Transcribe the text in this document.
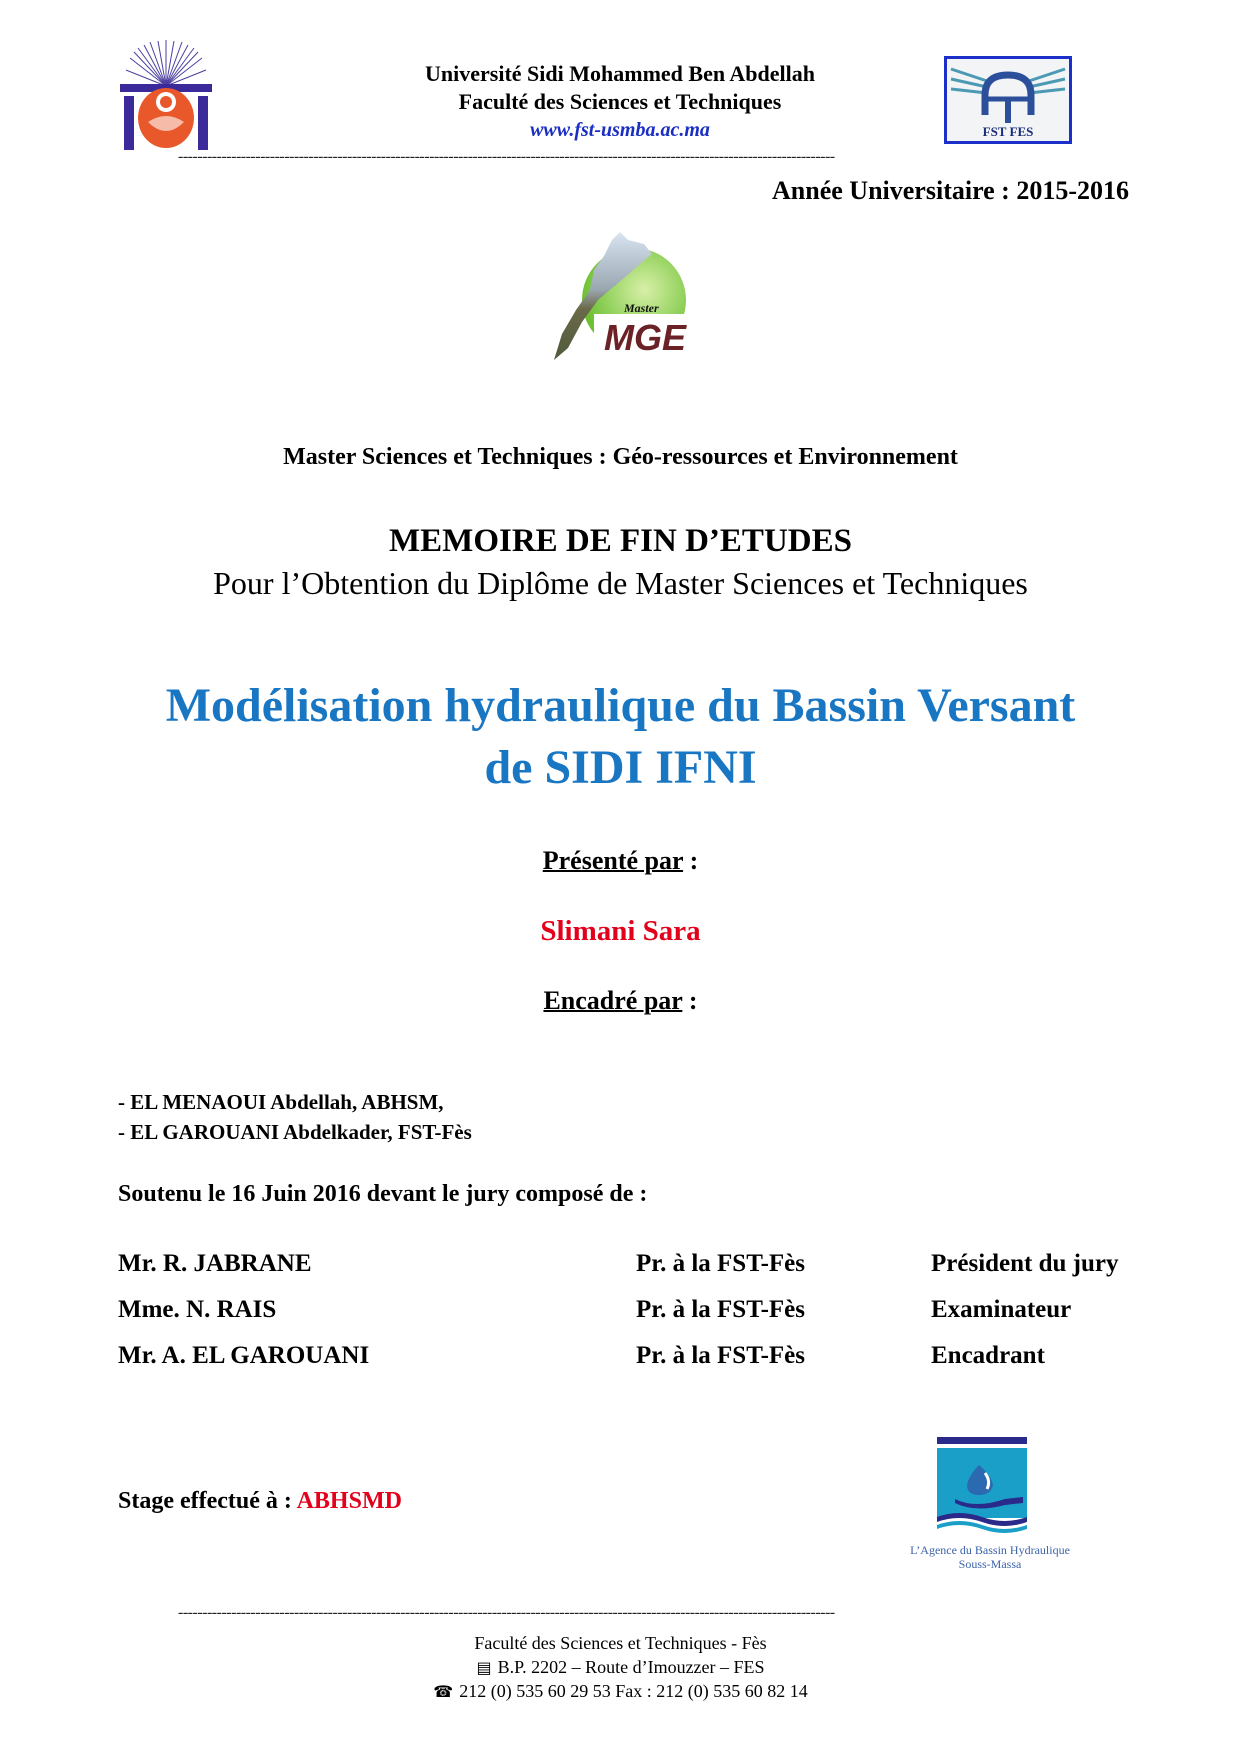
Université Sidi Mohammed Ben Abdellah
Faculté des Sciences et Techniques
www.fst-usmba.ac.ma	FST FES
----------------------------------------------------------------------------------------------------------------------------------------
Année Universitaire : 2015-2016
Master
MGE
Master Sciences et Techniques : Géo-ressources et Environnement
MEMOIRE DE FIN D’ETUDES
Pour l’Obtention du Diplôme de Master Sciences et Techniques
Modélisation hydraulique du Bassin Versant
de SIDI IFNI
Présenté par :
Slimani Sara
Encadré par :
- EL MENAOUI Abdellah, ABHSM,
- EL GAROUANI Abdelkader, FST-Fès
Soutenu le 16 Juin 2016 devant le jury composé de :
Mr. R. JABRANE	Pr. à la FST-Fès	Président du jury
Mme. N. RAIS	Pr. à la FST-Fès	Examinateur
Mr. A. EL GAROUANI	Pr. à la FST-Fès	Encadrant
Stage effectué à : ABHSMD
L’Agence du Bassin Hydraulique
Souss-Massa
----------------------------------------------------------------------------------------------------------------------------------------
Faculté des Sciences et Techniques - Fès
▤ B.P. 2202 – Route d’Imouzzer – FES
☎ 212 (0) 535 60 29 53 Fax : 212 (0) 535 60 82 14
